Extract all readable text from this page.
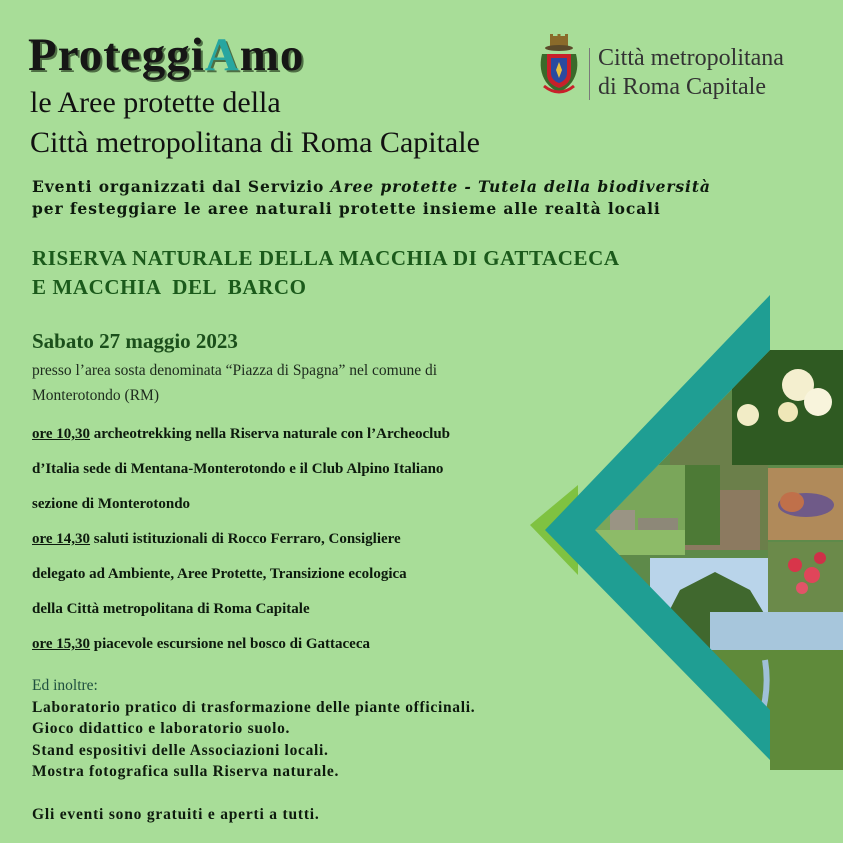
ProteggiAmo
le Aree protette della
Città metropolitana di Roma Capitale
Città metropolitana
di Roma Capitale
Eventi organizzati dal Servizio Aree protette - Tutela della biodiversità
per festeggiare le aree naturali protette insieme alle realtà locali
RISERVA NATURALE DELLA MACCHIA DI GATTACECA
E MACCHIA  DEL  BARCO
Sabato 27 maggio 2023
presso l’area sosta denominata “Piazza di Spagna” nel comune di
Monterotondo (RM)
ore 10,30 archeotrekking nella Riserva naturale con l’Archeoclub
d’Italia sede di Mentana-Monterotondo e il Club Alpino Italiano
sezione di Monterotondo
ore 14,30 saluti istituzionali di Rocco Ferraro, Consigliere
delegato ad Ambiente, Aree Protette, Transizione ecologica
della Città metropolitana di Roma Capitale
ore 15,30 piacevole escursione nel bosco di Gattaceca
Ed inoltre:
Laboratorio pratico di trasformazione delle piante officinali.
Gioco didattico e laboratorio suolo.
Stand espositivi delle Associazioni locali.
Mostra fotografica sulla Riserva naturale.
Gli eventi sono gratuiti e aperti a tutti.
